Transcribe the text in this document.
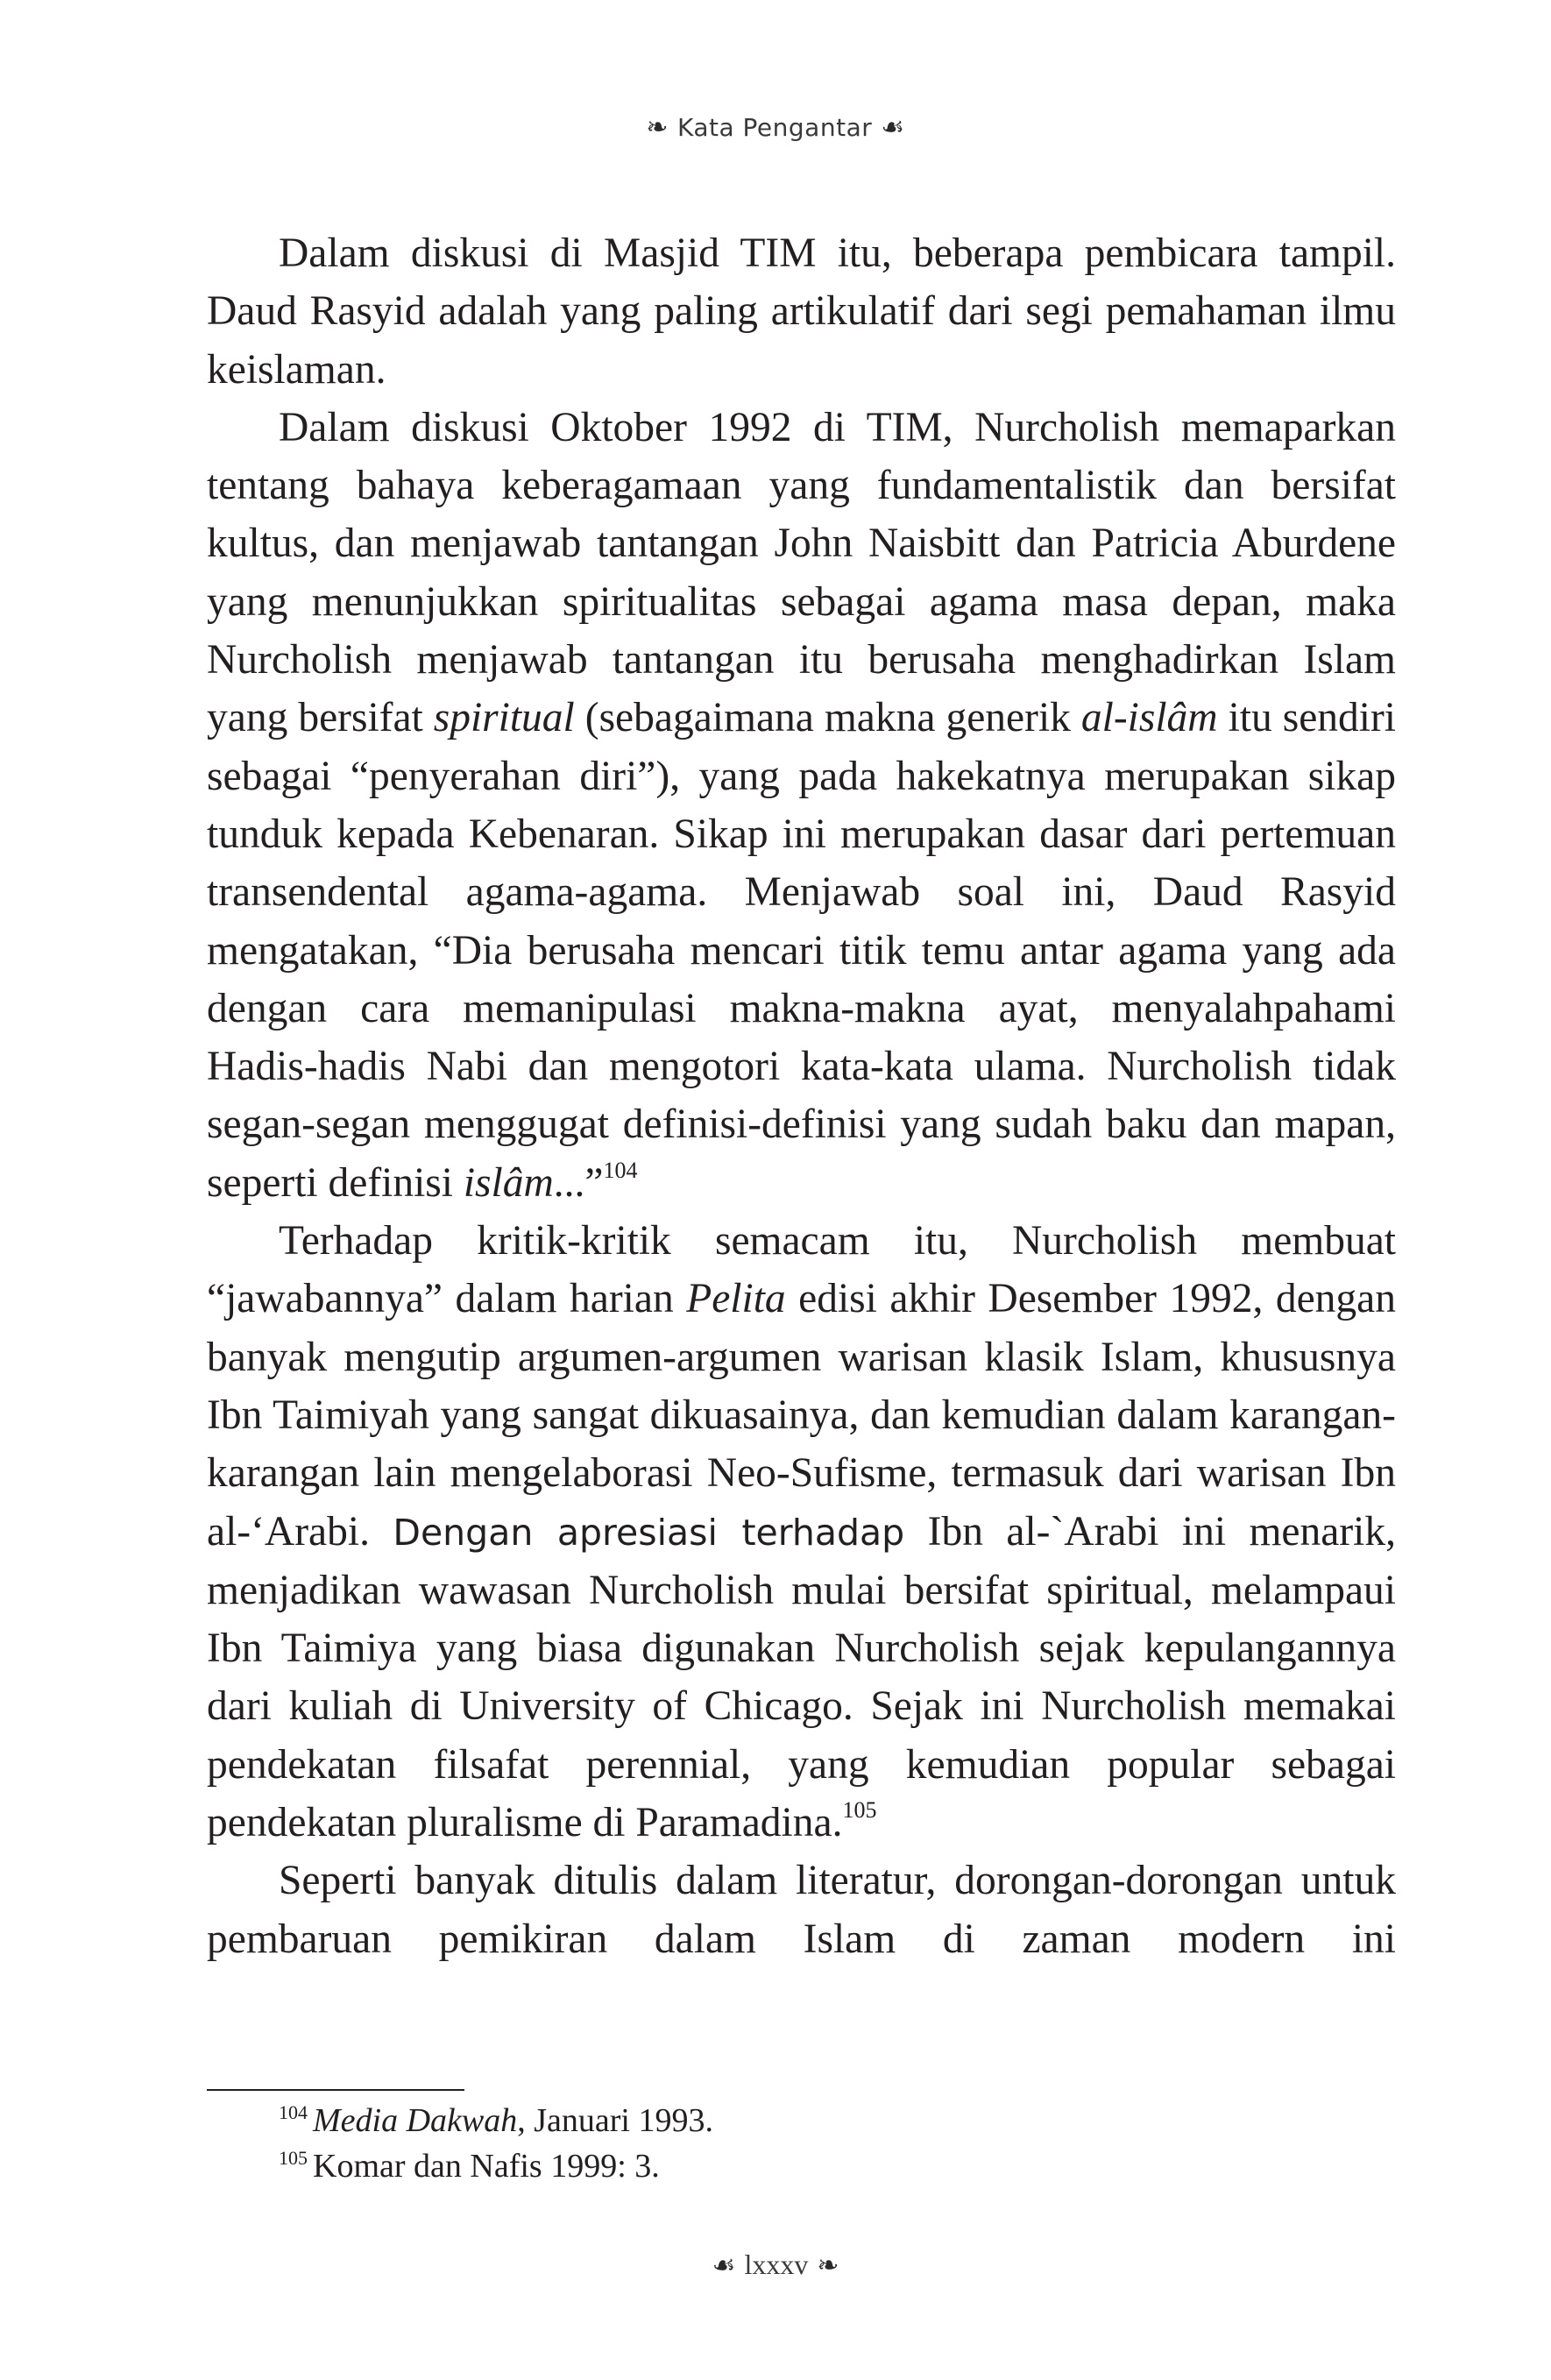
❧ Kata Pengantar ☙

Dalam diskusi di Masjid TIM itu, beberapa pembicara tampil. Daud Rasyid adalah yang paling artikulatif dari segi pemahaman ilmu keislaman.

Dalam diskusi Oktober 1992 di TIM, Nurcholish memaparkan tentang bahaya keberagamaan yang fundamentalistik dan bersifat kultus, dan menjawab tantangan John Naisbitt dan Patricia Aburdene yang menunjukkan spiritualitas sebagai agama masa depan, maka Nurcholish menjawab tantangan itu berusaha menghadirkan Islam yang bersifat spiritual (sebagaimana makna generik al-islâm itu sendiri sebagai “penyerahan diri”), yang pada hakekatnya merupakan sikap tunduk kepada Kebenaran. Sikap ini merupakan dasar dari pertemuan transendental agama-agama. Menjawab soal ini, Daud Rasyid mengatakan, “Dia berusaha mencari titik temu antar agama yang ada dengan cara memanipulasi makna-makna ayat, menyalahpahami Hadis-hadis Nabi dan mengotori kata-kata ulama. Nurcholish tidak segan-segan menggugat definisi-definisi yang sudah baku dan mapan, seperti definisi islâm...”$^{104}$

Terhadap kritik-kritik semacam itu, Nurcholish membuat “jawabannya” dalam harian Pelita edisi akhir Desember 1992, dengan banyak mengutip argumen-argumen warisan klasik Islam, khususnya Ibn Taimiyah yang sangat dikuasainya, dan kemudian dalam karangan-karangan lain mengelaborasi Neo-Sufisme, termasuk dari warisan Ibn al-‘Arabi. Dengan apresiasi terhadap Ibn al-`Arabi ini menarik, menjadikan wawasan Nurcholish mulai bersifat spiritual, melampaui Ibn Taimiya yang biasa digunakan Nurcholish sejak kepulangannya dari kuliah di University of Chicago. Sejak ini Nurcholish memakai pendekatan filsafat perennial, yang kemudian popular sebagai pendekatan pluralisme di Paramadina.$^{105}$

Seperti banyak ditulis dalam literatur, dorongan-dorongan untuk pembaruan pemikiran dalam Islam di zaman modern ini

$^{104}$ Media Dakwah, Januari 1993.

$^{105}$ Komar dan Nafis 1999: 3.

☙ lxxxv ❧
